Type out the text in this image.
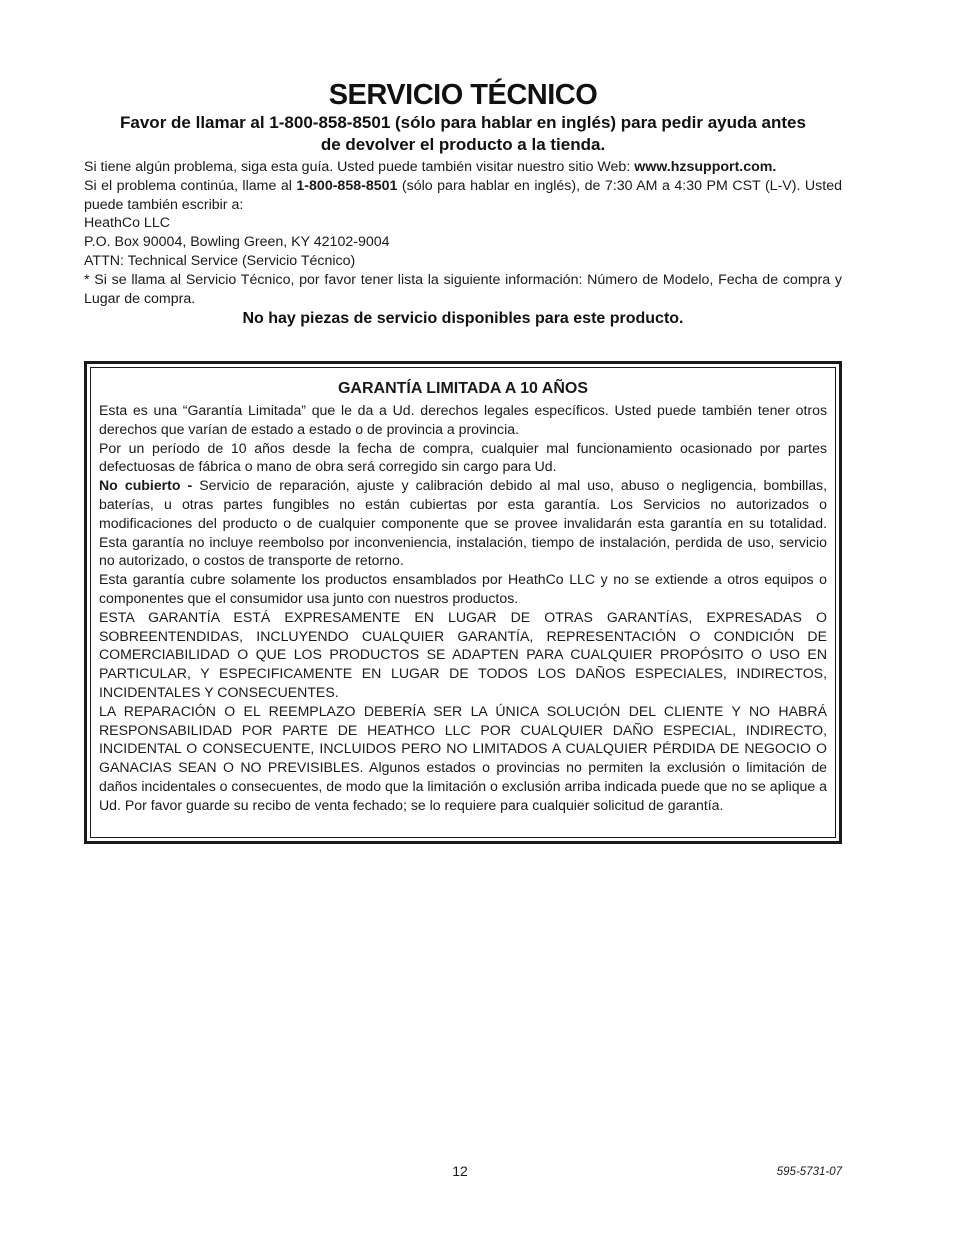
SERVICIO TÉCNICO

Favor de llamar al 1-800-858-8501 (sólo para hablar en inglés) para pedir ayuda antes
de devolver el producto a la tienda.

Si tiene algún problema, siga esta guía. Usted puede también visitar nuestro sitio Web: www.hzsupport.com.

Si el problema continúa, llame al 1-800-858-8501 (sólo para hablar en inglés), de 7:30 AM a 4:30 PM CST (L-V). Usted puede también escribir a:

HeathCo LLC

P.O. Box 90004, Bowling Green, KY 42102-9004

ATTN: Technical Service (Servicio Técnico)

* Si se llama al Servicio Técnico, por favor tener lista la siguiente información: Número de Modelo, Fecha de compra y Lugar de compra.

No hay piezas de servicio disponibles para este producto.

GARANTÍA LIMITADA A 10 AÑOS

Esta es una “Garantía Limitada” que le da a Ud. derechos legales específicos. Usted puede también tener otros derechos que varían de estado a estado o de provincia a provincia.

Por un período de 10 años desde la fecha de compra, cualquier mal funcionamiento ocasionado por partes defectuosas de fábrica o mano de obra será corregido sin cargo para Ud.

No cubierto - Servicio de reparación, ajuste y calibración debido al mal uso, abuso o negligencia, bombillas, baterías, u otras partes fungibles no están cubiertas por esta garantía. Los Servicios no autorizados o modificaciones del producto o de cualquier componente que se provee invalidarán esta garantía en su totalidad. Esta garantía no incluye reembolso por inconveniencia, instalación, tiempo de instalación, perdida de uso, servicio no autorizado, o costos de transporte de retorno.

Esta garantía cubre solamente los productos ensamblados por HeathCo LLC y no se extiende a otros equipos o componentes que el consumidor usa junto con nuestros productos.

ESTA GARANTÍA ESTÁ EXPRESAMENTE EN LUGAR DE OTRAS GARANTÍAS, EXPRESADAS O SOBREENTENDIDAS, INCLUYENDO CUALQUIER GARANTÍA, REPRESENTACIÓN O CONDICIÓN DE COMERCIABILIDAD O QUE LOS PRODUCTOS SE ADAPTEN PARA CUALQUIER PROPÓSITO O USO EN PARTICULAR, Y ESPECIFICAMENTE EN LUGAR DE TODOS LOS DAÑOS ESPECIALES, INDIRECTOS, INCIDENTALES Y CONSECUENTES.

LA REPARACIÓN O EL REEMPLAZO DEBERÍA SER LA ÚNICA SOLUCIÓN DEL CLIENTE Y NO HABRÁ RESPONSABILIDAD POR PARTE DE HEATHCO LLC POR CUALQUIER DAÑO ESPECIAL, INDIRECTO, INCIDENTAL O CONSECUENTE, INCLUIDOS PERO NO LIMITADOS A CUALQUIER PÉRDIDA DE NEGOCIO O GANACIAS SEAN O NO PREVISIBLES. Algunos estados o provincias no permiten la exclusión o limitación de daños incidentales o consecuentes, de modo que la limitación o exclusión arriba indicada puede que no se aplique a Ud. Por favor guarde su recibo de venta fechado; se lo requiere para cualquier solicitud de garantía.

12	595-5731-07
